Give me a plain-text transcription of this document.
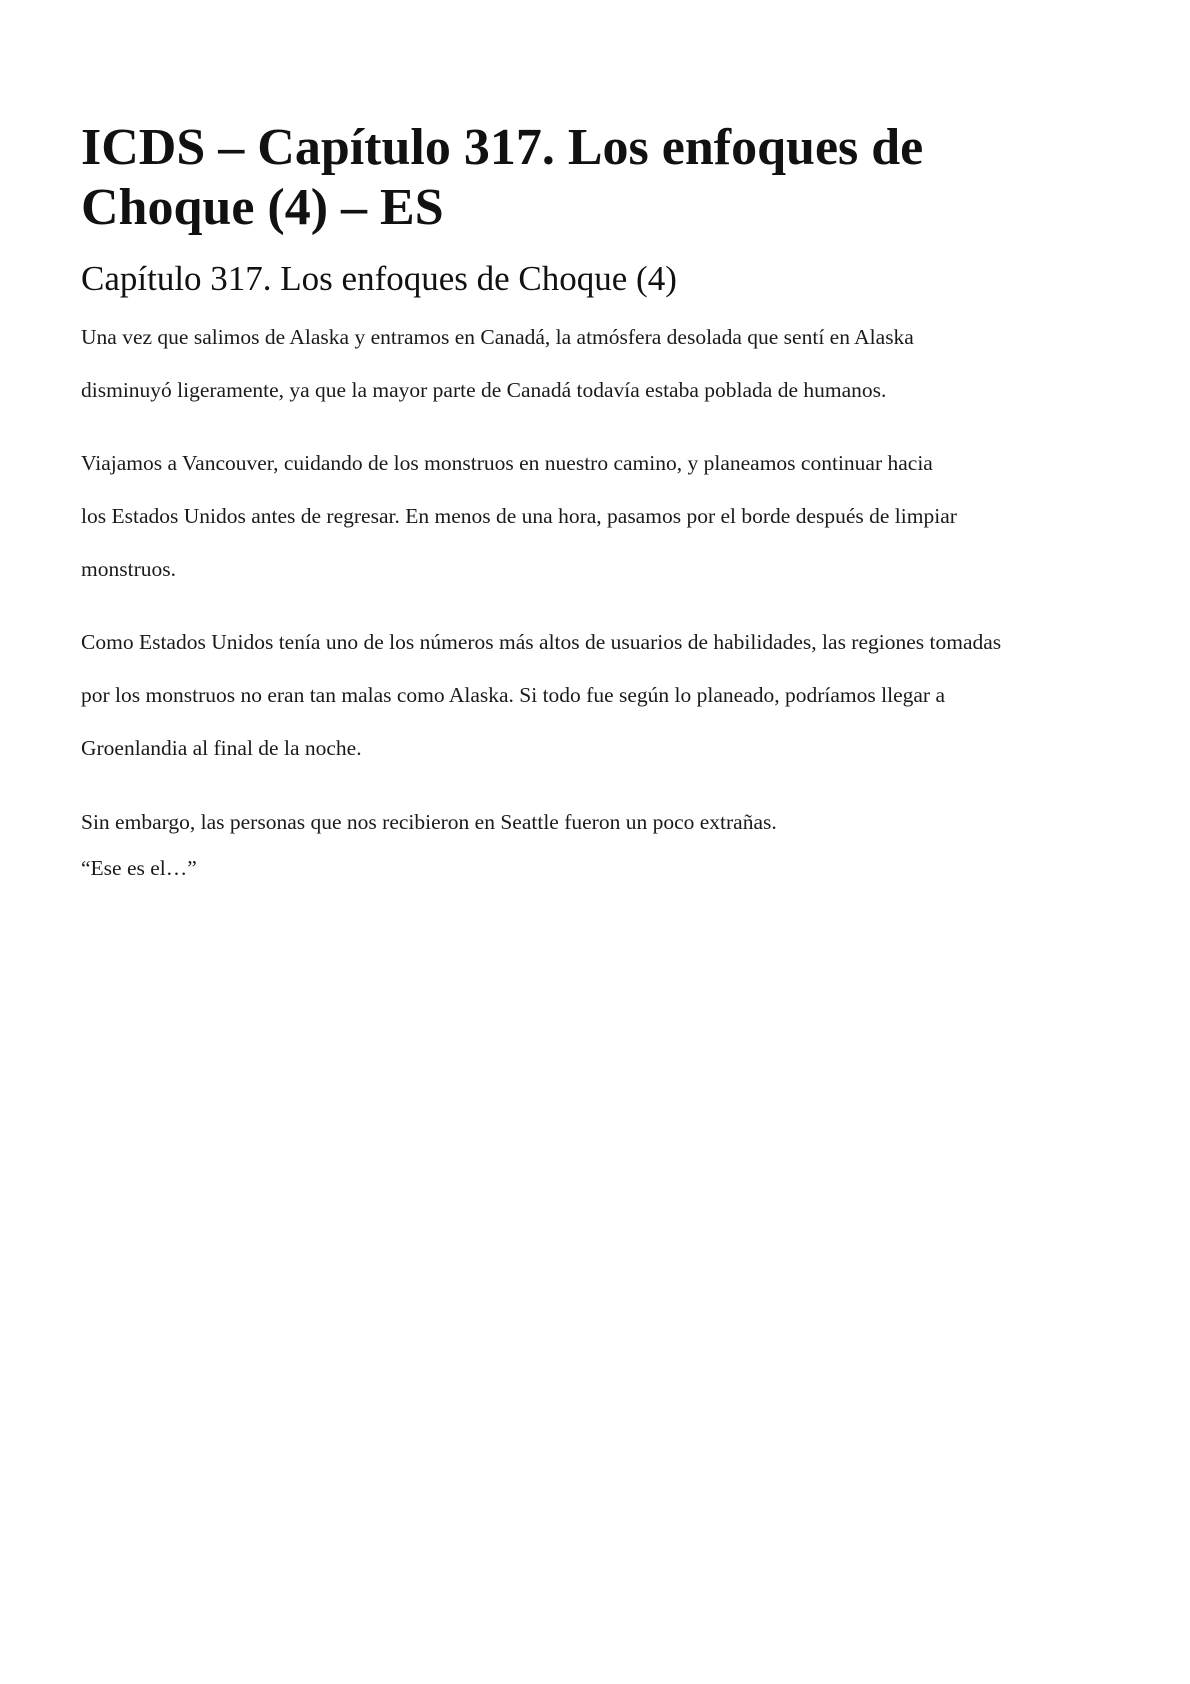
ICDS – Capítulo 317. Los enfoques de
Choque (4) – ES
Capítulo 317. Los enfoques de Choque (4)

Una vez que salimos de Alaska y entramos en Canadá, la atmósfera desolada que sentí en Alaska
disminuyó ligeramente, ya que la mayor parte de Canadá todavía estaba poblada de humanos.

Viajamos a Vancouver, cuidando de los monstruos en nuestro camino, y planeamos continuar hacia
los Estados Unidos antes de regresar. En menos de una hora, pasamos por el borde después de limpiar
monstruos.

Como Estados Unidos tenía uno de los números más altos de usuarios de habilidades, las regiones tomadas
por los monstruos no eran tan malas como Alaska. Si todo fue según lo planeado, podríamos llegar a
Groenlandia al final de la noche.

Sin embargo, las personas que nos recibieron en Seattle fueron un poco extrañas.

“Ese es el…”
